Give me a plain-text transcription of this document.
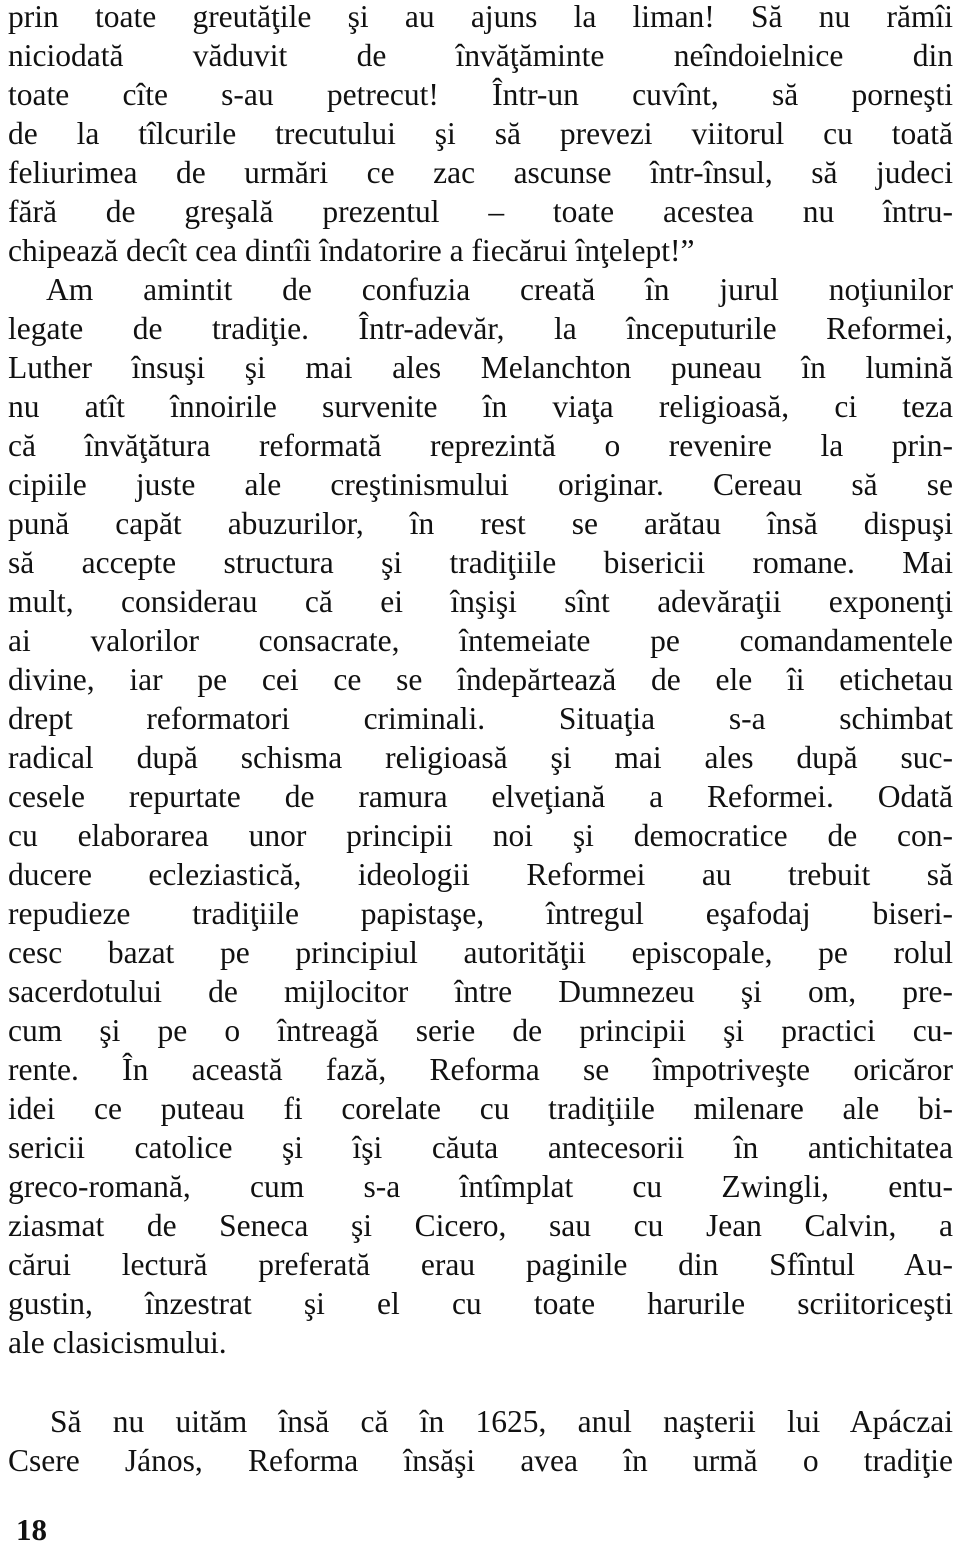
prin toate greutăţile şi au ajuns la liman! Să nu rămîi
niciodată văduvit de învăţăminte neîndoielnice din
toate cîte s-au petrecut! Într-un cuvînt, să porneşti
de la tîlcurile trecutului şi să prevezi viitorul cu toată
feliurimea de urmări ce zac ascunse într-însul, să judeci
fără de greşală prezentul – toate acestea nu întru-
chipează decît cea dintîi îndatorire a fiecărui înţelept!”
Am amintit de confuzia creată în jurul noţiunilor
legate de tradiţie. Într-adevăr, la începuturile Reformei,
Luther însuşi şi mai ales Melanchton puneau în lumină
nu atît înnoirile survenite în viaţa religioasă, ci teza
că învăţătura reformată reprezintă o revenire la prin-
cipiile juste ale creştinismului originar. Cereau să se
pună capăt abuzurilor, în rest se arătau însă dispuşi
să accepte structura şi tradiţiile bisericii romane. Mai
mult, considerau că ei înşişi sînt adevăraţii exponenţi
ai valorilor consacrate, întemeiate pe comandamentele
divine, iar pe cei ce se îndepărtează de ele îi etichetau
drept reformatori criminali. Situaţia s-a schimbat
radical după schisma religioasă şi mai ales după suc-
cesele repurtate de ramura elveţiană a Reformei. Odată
cu elaborarea unor principii noi şi democratice de con-
ducere ecleziastică, ideologii Reformei au trebuit să
repudieze tradiţiile papistaşe, întregul eşafodaj biseri-
cesc bazat pe principiul autorităţii episcopale, pe rolul
sacerdotului de mijlocitor între Dumnezeu şi om, pre-
cum şi pe o întreagă serie de principii şi practici cu-
rente. În această fază, Reforma se împotriveşte oricăror
idei ce puteau fi corelate cu tradiţiile milenare ale bi-
sericii catolice şi îşi căuta antecesorii în antichitatea
greco-romană, cum s-a întîmplat cu Zwingli, entu-
ziasmat de Seneca şi Cicero, sau cu Jean Calvin, a
cărui lectură preferată erau paginile din Sfîntul Au-
gustin, înzestrat şi el cu toate harurile scriitoriceşti
ale clasicismului.
Să nu uităm însă că în 1625, anul naşterii lui Apáczai
Csere János, Reforma însăşi avea în urmă o tradiţie
18
